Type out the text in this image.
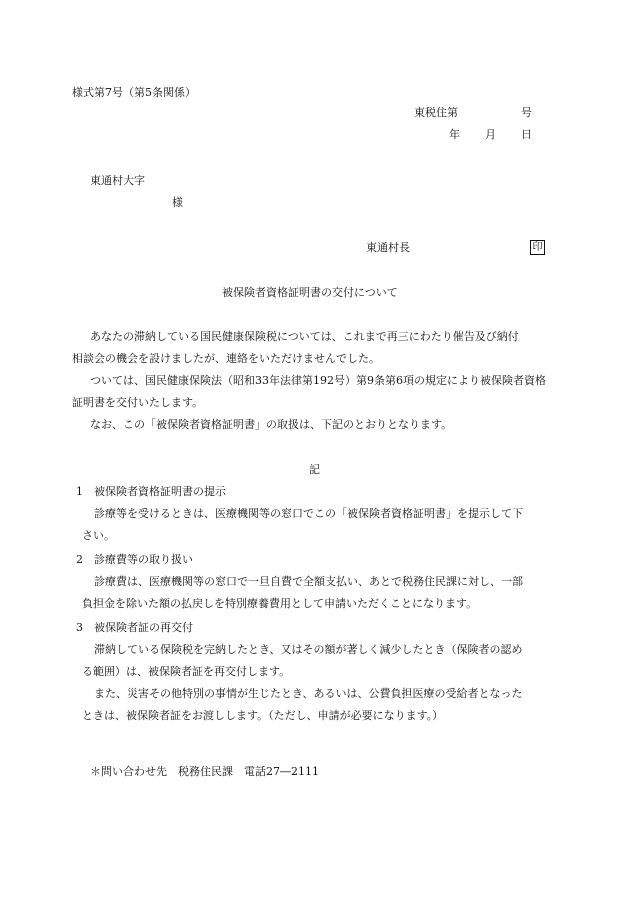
様式第7号（第5条関係）
東税住第	号
年 月 日
東通村大字
様
東通村長	印
被保険者資格証明書の交付について
あなたの滞納している国民健康保険税については、これまで再三にわたり催告及び納付
相談会の機会を設けましたが、連絡をいただけませんでした。
ついては、国民健康保険法（昭和33年法律第192号）第9条第6項の規定により被保険者資格
証明書を交付いたします。
なお、この「被保険者資格証明書」の取扱は、下記のとおりとなります。
記
1　被保険者資格証明書の提示
診療等を受けるときは、医療機関等の窓口でこの「被保険者資格証明書」を提示して下
さい。
2　診療費等の取り扱い
診療費は、医療機関等の窓口で一旦自費で全額支払い、あとで税務住民課に対し、一部
負担金を除いた額の払戻しを特別療養費用として申請いただくことになります。
3　被保険者証の再交付
滞納している保険税を完納したとき、又はその額が著しく減少したとき（保険者の認め
る範囲）は、被保険者証を再交付します。
また、災害その他特別の事情が生じたとき、あるいは、公費負担医療の受給者となった
ときは、被保険者証をお渡しします。（ただし、申請が必要になります。）
＊問い合わせ先　税務住民課　電話27―2111
